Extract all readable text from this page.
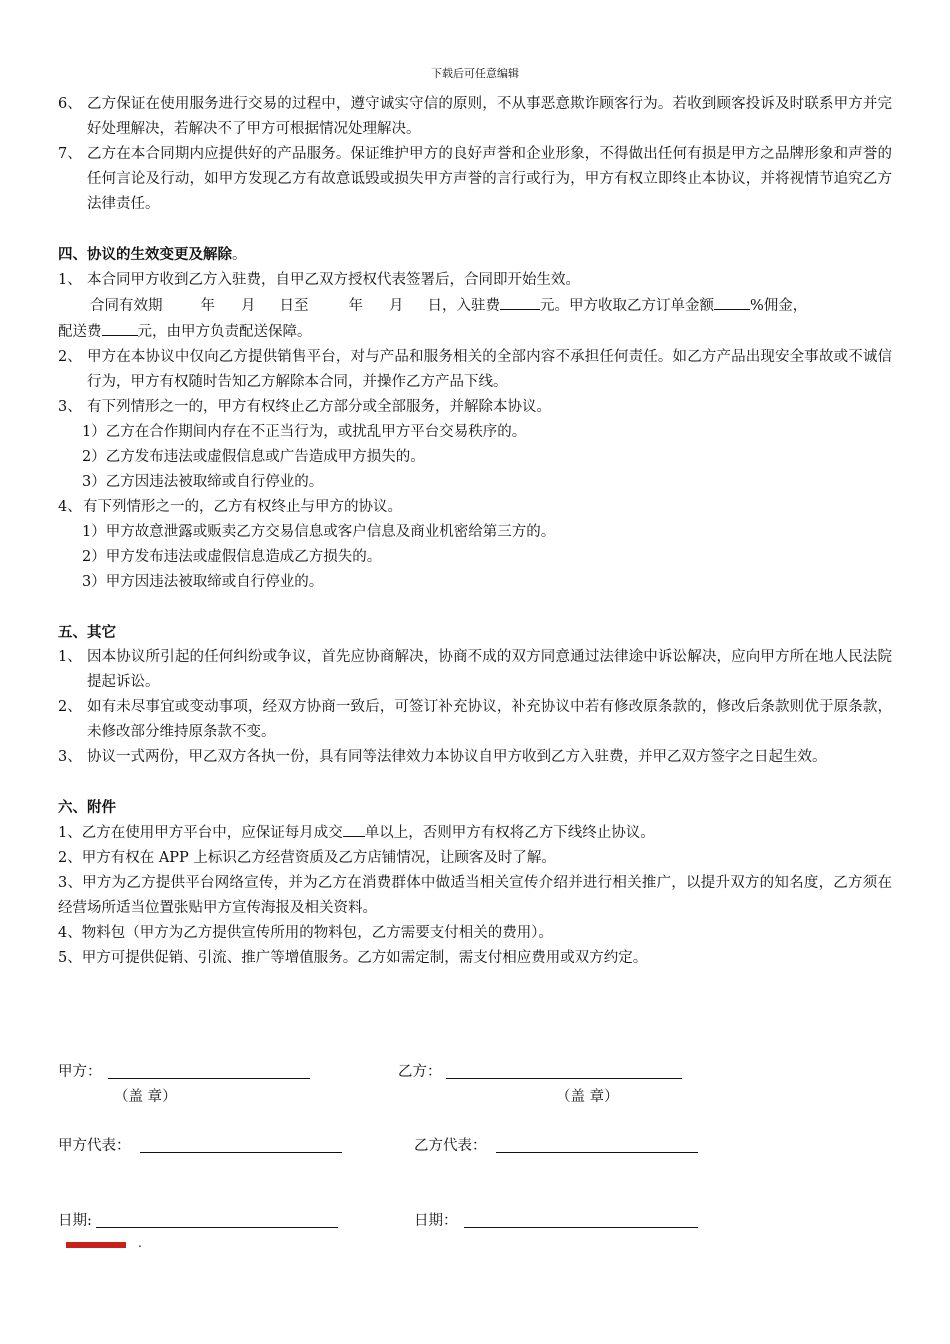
下载后可任意编辑
6、 乙方保证在使用服务进行交易的过程中，遵守诚实守信的原则，不从事恶意欺诈顾客行为。若收到顾客投诉及时联系甲方并完好处理解决，若解决不了甲方可根据情况处理解决。
7、 乙方在本合同期内应提供好的产品服务。保证维护甲方的良好声誉和企业形象，不得做出任何有损是甲方之品牌形象和声誉的任何言论及行动，如甲方发现乙方有故意诋毁或损失甲方声誉的言行或行为，甲方有权立即终止本协议，并将视情节追究乙方法律责任。
四、协议的生效变更及解除。
1、 本合同甲方收到乙方入驻费，自甲乙双方授权代表签署后，合同即开始生效。
合同有效期	年 月 日至	年 月 日，入驻费	元。甲方收取乙方订单金额 %佣金，
配送费 元，由甲方负责配送保障。
2、 甲方在本协议中仅向乙方提供销售平台，对与产品和服务相关的全部内容不承担任何责任。如乙方产品出现安全事故或不诚信行为，甲方有权随时告知乙方解除本合同，并操作乙方产品下线。
3、 有下列情形之一的，甲方有权终止乙方部分或全部服务，并解除本协议。
1）乙方在合作期间内存在不正当行为，或扰乱甲方平台交易秩序的。
2）乙方发布违法或虚假信息或广告造成甲方损失的。
3）乙方因违法被取缔或自行停业的。
4、 有下列情形之一的，乙方有权终止与甲方的协议。
1）甲方故意泄露或贩卖乙方交易信息或客户信息及商业机密给第三方的。
2）甲方发布违法或虚假信息造成乙方损失的。
3）甲方因违法被取缔或自行停业的。
五、其它
1、 因本协议所引起的任何纠纷或争议，首先应协商解决，协商不成的双方同意通过法律途中诉讼解决，应向甲方所在地人民法院提起诉讼。
2、 如有未尽事宜或变动事项，经双方协商一致后，可签订补充协议，补充协议中若有修改原条款的，修改后条款则优于原条款，未修改部分维持原条款不变。
3、 协议一式两份，甲乙双方各执一份，具有同等法律效力本协议自甲方收到乙方入驻费，并甲乙双方签字之日起生效。
六、附件
1、乙方在使用甲方平台中，应保证每月成交 单以上，否则甲方有权将乙方下线终止协议。
2、甲方有权在 APP 上标识乙方经营资质及乙方店铺情况，让顾客及时了解。
3、甲方为乙方提供平台网络宣传，并为乙方在消费群体中做适当相关宣传介绍并进行相关推广，以提升双方的知名度，乙方须在经营场所适当位置张贴甲方宣传海报及相关资料。
4、物料包（甲方为乙方提供宣传所用的物料包，乙方需要支付相关的费用）。
5、甲方可提供促销、引流、推广等增值服务。乙方如需定制，需支付相应费用或双方约定。
甲方：	乙方：
（盖 章）	（盖 章）
甲方代表：	乙方代表：
日期:	日期：
.
